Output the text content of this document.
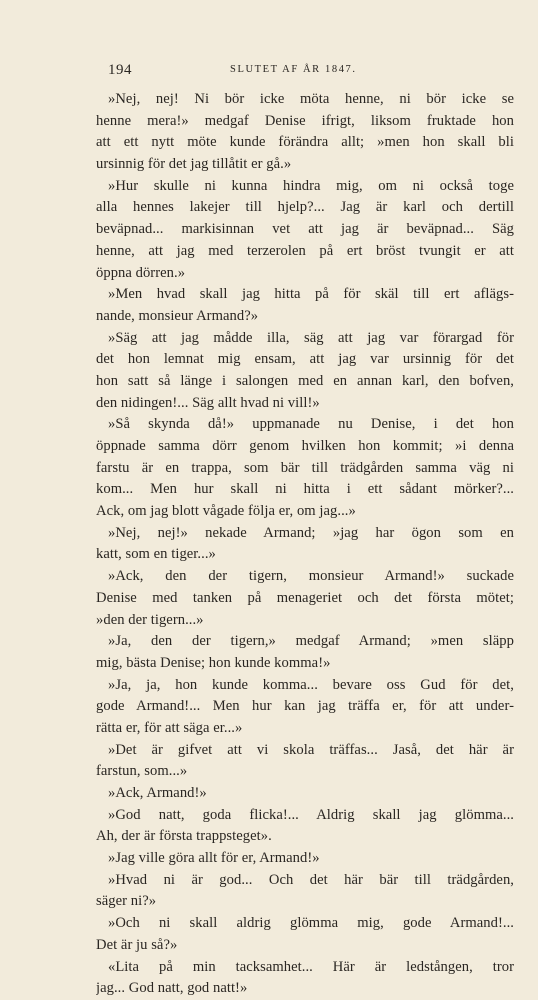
194	SLUTET AF ÅR 1847.
»Nej, nej! Ni bör icke möta henne, ni bör icke se
henne mera!» medgaf Denise ifrigt, liksom fruktade hon
att ett nytt möte kunde förändra allt; »men hon skall bli
ursinnig för det jag tillåtit er gå.»
»Hur skulle ni kunna hindra mig, om ni också toge
alla hennes lakejer till hjelp?... Jag är karl och dertill
beväpnad... markisinnan vet att jag är beväpnad... Säg
henne, att jag med terzerolen på ert bröst tvungit er att
öppna dörren.»
»Men hvad skall jag hitta på för skäl till ert aflägs-
nande, monsieur Armand?»
»Säg att jag mådde illa, säg att jag var förargad för
det hon lemnat mig ensam, att jag var ursinnig för det
hon satt så länge i salongen med en annan karl, den bofven,
den nidingen!... Säg allt hvad ni vill!»
»Så skynda då!» uppmanade nu Denise, i det hon
öppnade samma dörr genom hvilken hon kommit; »i denna
farstu är en trappa, som bär till trädgården samma väg ni
kom... Men hur skall ni hitta i ett sådant mörker?...
Ack, om jag blott vågade följa er, om jag...»
»Nej, nej!» nekade Armand; »jag har ögon som en
katt, som en tiger...»
»Ack, den der tigern, monsieur Armand!» suckade
Denise med tanken på menageriet och det första mötet;
»den der tigern...»
»Ja, den der tigern,» medgaf Armand; »men släpp
mig, bästa Denise; hon kunde komma!»
»Ja, ja, hon kunde komma... bevare oss Gud för det,
gode Armand!... Men hur kan jag träffa er, för att under-
rätta er, för att säga er...»
»Det är gifvet att vi skola träffas... Jaså, det här är
farstun, som...»
»Ack, Armand!»
»God natt, goda flicka!... Aldrig skall jag glömma...
Ah, der är första trappsteget».
»Jag ville göra allt för er, Armand!»
»Hvad ni är god... Och det här bär till trädgården,
säger ni?»
»Och ni skall aldrig glömma mig, gode Armand!...
Det är ju så?»
«Lita på min tacksamhet... Här är ledstången, tror
jag... God natt, god natt!»
